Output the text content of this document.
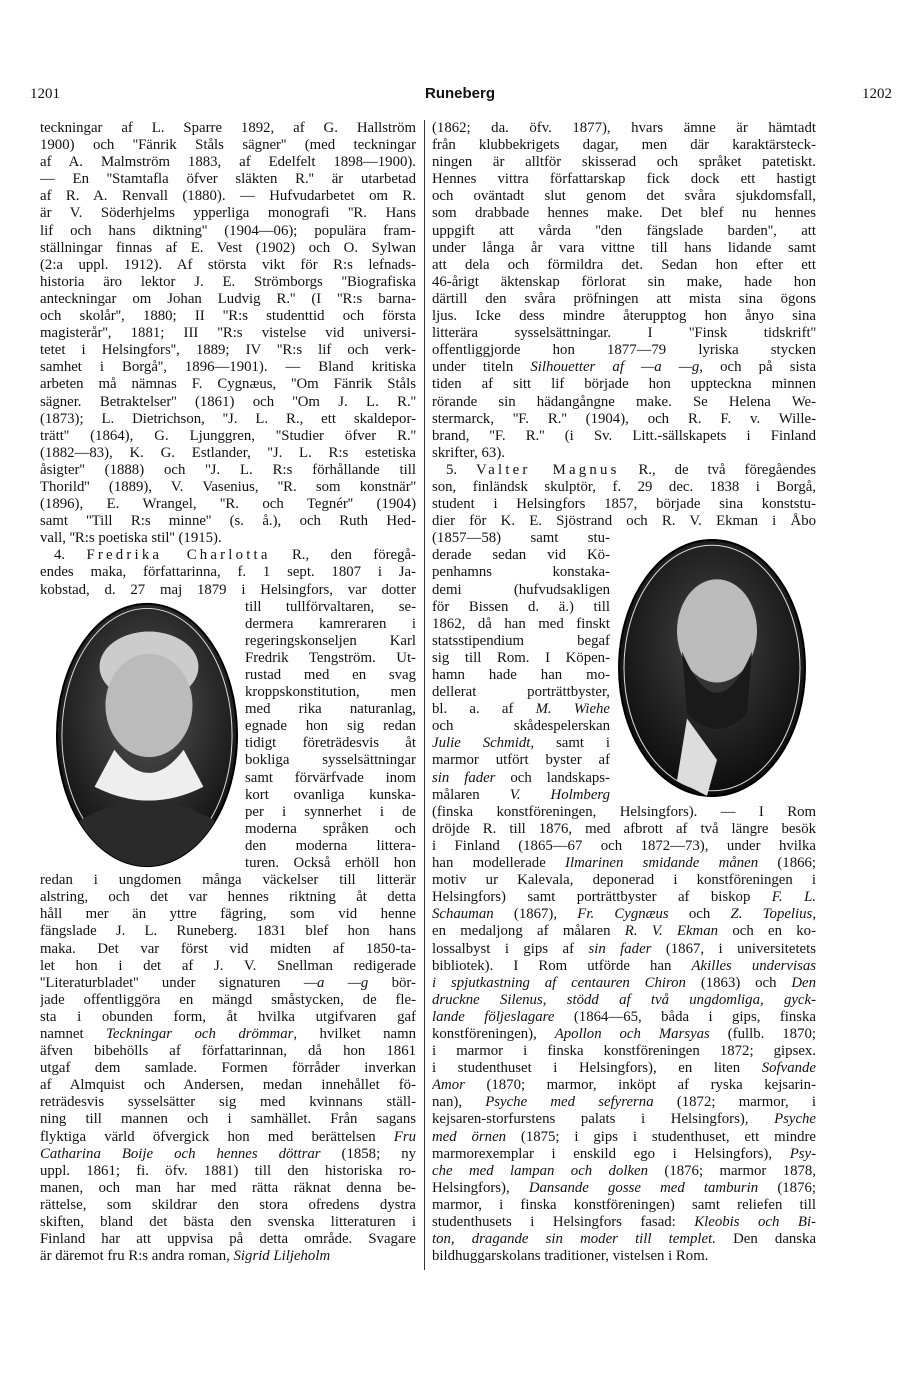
1201	Runeberg	1202
teckningar af L. Sparre 1892, af G. Hallström
1900) och ''Fänrik Ståls sägner'' (med teckningar
af A. Malmström 1883, af Edelfelt 1898—1900).
— En ''Stamtafla öfver släkten R.'' är utarbetad
af R. A. Renvall (1880). — Hufvudarbetet om R.
är V. Söderhjelms ypperliga monografi ''R. Hans
lif och hans diktning'' (1904—06); populära fram-
ställningar finnas af E. Vest (1902) och O. Sylwan
(2:a uppl. 1912). Af största vikt för R:s lefnads-
historia äro lektor J. E. Strömborgs ''Biografiska
anteckningar om Johan Ludvig R.'' (I ''R:s barna-
och skolår'', 1880; II ''R:s studenttid och första
magisterår'', 1881; III ''R:s vistelse vid universi-
tetet i Helsingfors'', 1889; IV ''R:s lif och verk-
samhet i Borgå'', 1896—1901). — Bland kritiska
arbeten må nämnas F. Cygnæus, ''Om Fänrik Ståls
sägner. Betraktelser'' (1861) och ''Om J. L. R.''
(1873); L. Dietrichson, ''J. L. R., ett skaldepor-
trätt'' (1864), G. Ljunggren, ''Studier öfver R.''
(1882—83), K. G. Estlander, ''J. L. R:s estetiska
åsigter'' (1888) och ''J. L. R:s förhållande till
Thorild'' (1889), V. Vasenius, ''R. som konstnär''
(1896), E. Wrangel, ''R. och Tegnér'' (1904)
samt ''Till R:s minne'' (s. å.), och Ruth Hed-
vall, ''R:s poetiska stil'' (1915).
4. Fredrika Charlotta R., den föregå-
endes maka, författarinna, f. 1 sept. 1807 i Ja-
kobstad, d. 27 maj 1879 i Helsingfors, var dotter
till tullförvaltaren, se-
dermera kamreraren i
regeringskonseljen Karl
Fredrik Tengström. Ut-
rustad med en svag
kroppskonstitution, men
med rika naturanlag,
egnade hon sig redan
tidigt företrädesvis åt
bokliga sysselsättningar
samt förvärfvade inom
kort ovanliga kunska-
per i synnerhet i de
moderna språken och
den moderna littera-
turen. Också erhöll hon
redan i ungdomen många väckelser till litterär
alstring, och det var hennes riktning åt detta
håll mer än yttre fägring, som vid henne
fängslade J. L. Runeberg. 1831 blef hon hans
maka. Det var först vid midten af 1850-ta-
let hon i det af J. V. Snellman redigerade
''Literaturbladet'' under signaturen —a —g bör-
jade offentliggöra en mängd småstycken, de fle-
sta i obunden form, åt hvilka utgifvaren gaf
namnet Teckningar och drömmar, hvilket namn
äfven bibehölls af författarinnan, då hon 1861
utgaf dem samlade. Formen förråder inverkan
af Almquist och Andersen, medan innehållet fö-
reträdesvis sysselsätter sig med kvinnans ställ-
ning till mannen och i samhället. Från sagans
flyktiga värld öfvergick hon med berättelsen Fru
Catharina Boije och hennes döttrar (1858; ny
uppl. 1861; fi. öfv. 1881) till den historiska ro-
manen, och man har med rätta räknat denna be-
rättelse, som skildrar den stora ofredens dystra
skiften, bland det bästa den svenska litteraturen i
Finland har att uppvisa på detta område. Svagare
är däremot fru R:s andra roman, Sigrid Liljeholm
(1862; da. öfv. 1877), hvars ämne är hämtadt
från klubbekrigets dagar, men där karaktärsteck-
ningen är alltför skisserad och språket patetiskt.
Hennes vittra författarskap fick dock ett hastigt
och oväntadt slut genom det svåra sjukdomsfall,
som drabbade hennes make. Det blef nu hennes
uppgift att vårda ''den fängslade barden'', att
under långa år vara vittne till hans lidande samt
att dela och förmildra det. Sedan hon efter ett
46-årigt äktenskap förlorat sin make, hade hon
därtill den svåra pröfningen att mista sina ögons
ljus. Icke dess mindre återupptog hon ånyo sina
litterära sysselsättningar. I ''Finsk tidskrift''
offentliggjorde hon 1877—79 lyriska stycken
under titeln Silhouetter af —a —g, och på sista
tiden af sitt lif började hon uppteckna minnen
rörande sin hädangångne make. Se Helena We-
stermarck, ''F. R.'' (1904), och R. F. v. Wille-
brand, ''F. R.'' (i Sv. Litt.-sällskapets i Finland
skrifter, 63).
5. Valter Magnus R., de två föregåendes
son, finländsk skulptör, f. 29 dec. 1838 i Borgå,
student i Helsingfors 1857, började sina konststu-
dier för K. E. Sjöstrand och R. V. Ekman i Åbo
(1857—58) samt stu-
derade sedan vid Kö-
penhamns konstaka-
demi (hufvudsakligen
för Bissen d. ä.) till
1862, då han med finskt
statsstipendium begaf
sig till Rom. I Köpen-
hamn hade han mo-
dellerat porträttbyster,
bl. a. af M. Wiehe
och skådespelerskan
Julie Schmidt, samt i
marmor utfört byster af
sin fader och landskaps-
målaren V. Holmberg
(finska konstföreningen, Helsingfors). — I Rom
dröjde R. till 1876, med afbrott af två längre besök
i Finland (1865—67 och 1872—73), under hvilka
han modellerade Ilmarinen smidande månen (1866;
motiv ur Kalevala, deponerad i konstföreningen i
Helsingfors) samt porträttbyster af biskop F. L.
Schauman (1867), Fr. Cygnæus och Z. Topelius,
en medaljong af målaren R. V. Ekman och en ko-
lossalbyst i gips af sin fader (1867, i universitetets
bibliotek). I Rom utförde han Akilles undervisas
i spjutkastning af centauren Chiron (1863) och Den
druckne Silenus, stödd af två ungdomliga, gyck-
lande följeslagare (1864—65, båda i gips, finska
konstföreningen), Apollon och Marsyas (fullb. 1870;
i marmor i finska konstföreningen 1872; gipsex.
i studenthuset i Helsingfors), en liten Sofvande
Amor (1870; marmor, inköpt af ryska kejsarin-
nan), Psyche med sefyrerna (1872; marmor, i
kejsaren-storfurstens palats i Helsingfors), Psyche
med örnen (1875; i gips i studenthuset, ett mindre
marmorexemplar i enskild ego i Helsingfors), Psy-
che med lampan och dolken (1876; marmor 1878,
Helsingfors), Dansande gosse med tamburin (1876;
marmor, i finska konstföreningen) samt reliefen till
studenthusets i Helsingfors fasad: Kleobis och Bi-
ton, dragande sin moder till templet. Den danska
bildhuggarskolans traditioner, vistelsen i Rom.
